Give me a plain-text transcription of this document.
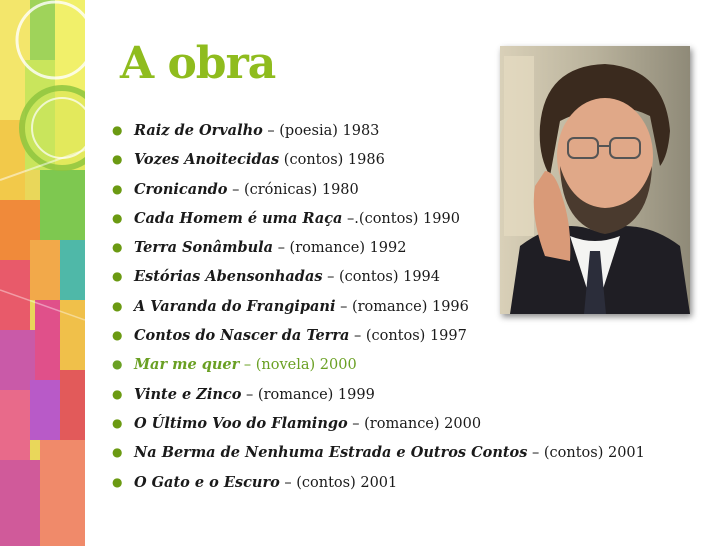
A obra
● Raiz de Orvalho – (poesia) 1983
● Vozes Anoitecidas (contos) 1986
● Cronicando – (crónicas) 1980
● Cada Homem é uma Raça –.(contos) 1990
● Terra Sonâmbula – (romance) 1992
● Estórias Abensonhadas – (contos) 1994
● A Varanda do Frangipani – (romance) 1996
● Contos do Nascer da Terra – (contos) 1997
● Mar me quer – (novela) 2000
● Vinte e Zinco – (romance) 1999
● O Último Voo do Flamingo – (romance) 2000
● Na Berma de Nenhuma Estrada e Outros Contos – (contos) 2001
● O Gato e o Escuro – (contos) 2001
